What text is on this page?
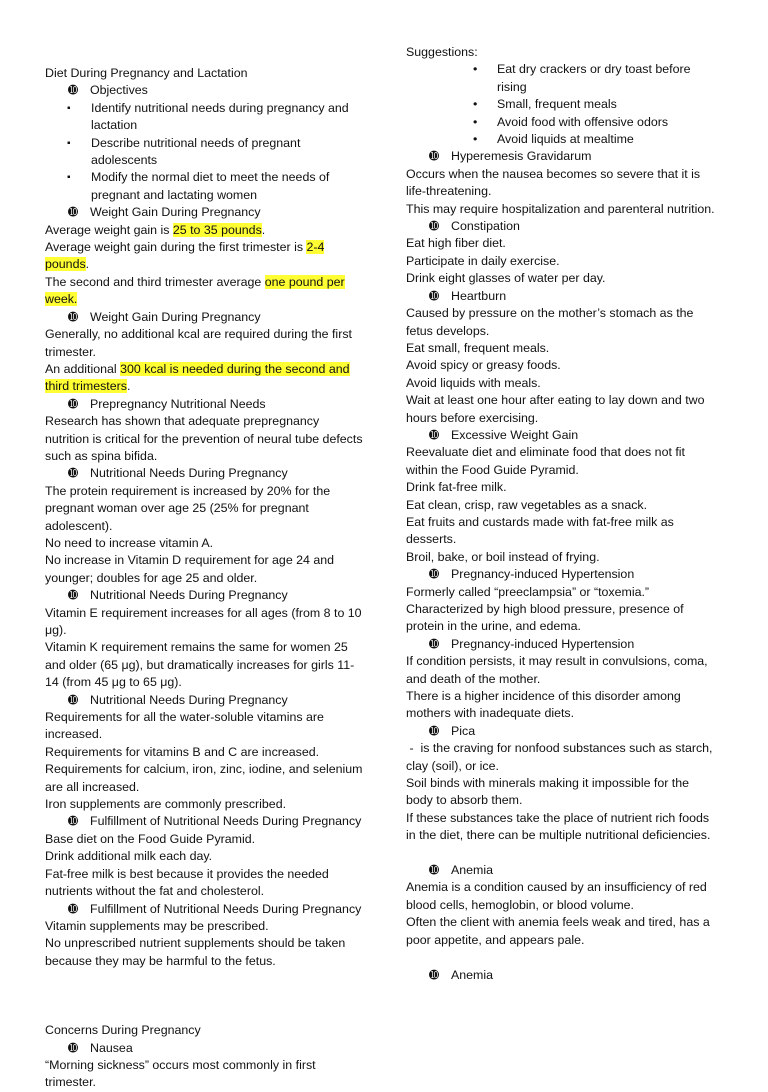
Diet During Pregnancy and Lactation

➓ Objectives
▪	Identify nutritional needs during pregnancy and lactation
▪	Describe nutritional needs of pregnant adolescents
▪	Modify the normal diet to meet the needs of pregnant and lactating women
➓ Weight Gain During Pregnancy

Average weight gain is 25 to 35 pounds.

Average weight gain during the first trimester is 2-4 pounds.

The second and third trimester average one pound per week.

➓ Weight Gain During Pregnancy

Generally, no additional kcal are required during the first trimester.

An additional 300 kcal is needed during the second and third trimesters.

➓ Prepregnancy Nutritional Needs

Research has shown that adequate prepregnancy nutrition is critical for the prevention of neural tube defects such as spina bifida.

➓ Nutritional Needs During Pregnancy

The protein requirement is increased by 20% for the pregnant woman over age 25 (25% for pregnant adolescent).

No need to increase vitamin A.

No increase in Vitamin D requirement for age 24 and younger; doubles for age 25 and older.

➓ Nutritional Needs During Pregnancy

Vitamin E requirement increases for all ages (from 8 to 10 μg).

Vitamin K requirement remains the same for women 25 and older (65 μg), but dramatically increases for girls 11-14 (from 45 μg to 65 μg).

➓ Nutritional Needs During Pregnancy

Requirements for all the water-soluble vitamins are increased.

Requirements for vitamins B and C are increased.

Requirements for calcium, iron, zinc, iodine, and selenium are all increased.

Iron supplements are commonly prescribed.

➓ Fulfillment of Nutritional Needs During Pregnancy

Base diet on the Food Guide Pyramid.

Drink additional milk each day.

Fat-free milk is best because it provides the needed nutrients without the fat and cholesterol.

➓ Fulfillment of Nutritional Needs During Pregnancy

Vitamin supplements may be prescribed.

No unprescribed nutrient supplements should be taken because they may be harmful to the fetus.

Concerns During Pregnancy

➓ Nausea

“Morning sickness” occurs most commonly in first trimester.

Suggestions:

•	Eat dry crackers or dry toast before rising
•	Small, frequent meals
•	Avoid food with offensive odors
•	Avoid liquids at mealtime
➓ Hyperemesis Gravidarum

Occurs when the nausea becomes so severe that it is life-threatening.

This may require hospitalization and parenteral nutrition.

➓ Constipation

Eat high fiber diet.

Participate in daily exercise.

Drink eight glasses of water per day.

➓ Heartburn

Caused by pressure on the mother’s stomach as the fetus develops.

Eat small, frequent meals.

Avoid spicy or greasy foods.

Avoid liquids with meals.

Wait at least one hour after eating to lay down and two hours before exercising.

➓ Excessive Weight Gain

Reevaluate diet and eliminate food that does not fit within the Food Guide Pyramid.

Drink fat-free milk.

Eat clean, crisp, raw vegetables as a snack.

Eat fruits and custards made with fat-free milk as desserts.

Broil, bake, or boil instead of frying.

➓ Pregnancy-induced Hypertension

Formerly called “preeclampsia” or “toxemia.”

Characterized by high blood pressure, presence of protein in the urine, and edema.

➓ Pregnancy-induced Hypertension

If condition persists, it may result in convulsions, coma, and death of the mother.

There is a higher incidence of this disorder among mothers with inadequate diets.

➓ Pica

-  is the craving for nonfood substances such as starch, clay (soil), or ice.

Soil binds with minerals making it impossible for the body to absorb them.

If these substances take the place of nutrient rich foods in the diet, there can be multiple nutritional deficiencies.

➓ Anemia

Anemia is a condition caused by an insufficiency of red blood cells, hemoglobin, or blood volume.

Often the client with anemia feels weak and tired, has a poor appetite, and appears pale.

➓ Anemia
